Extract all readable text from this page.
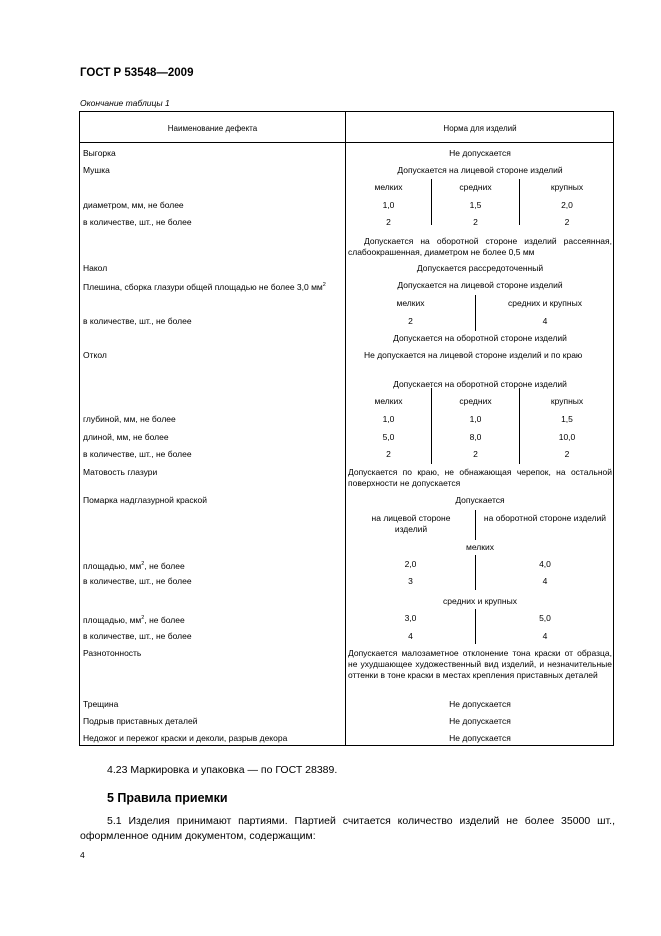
ГОСТ Р 53548—2009
Окончание таблицы 1
Наименование дефекта	Норма для изделий
Выгорка	Не допускается
Мушка	Допускается на лицевой стороне изделий
мелких	средних	крупных
диаметром, мм, не более	1,0	1,5	2,0
в количестве, шт., не более	2	2	2
Допускается на оборотной стороне изделий рассеянная, слабоокрашенная, диаметром не более 0,5 мм
Накол	Допускается рассредоточенный
Плешина, сборка глазури общей площадью не более 3,0 $мм^2$	Допускается на лицевой стороне изделий
мелких	средних и крупных
в количестве, шт., не более	2	4
Допускается на оборотной стороне изделий
Откол	Не допускается на лицевой стороне изделий и по краю
Допускается на оборотной стороне изделий
мелких	средних	крупных
глубиной, мм, не более	1,0	1,0	1,5
длиной, мм, не более	5,0	8,0	10,0
в количестве, шт., не более	2	2	2
Матовость глазури	Допускается по краю, не обнажающая черепок, на остальной поверхности не допускается
Помарка надглазурной краской	Допускается
на лицевой стороне изделий
на оборотной стороне изделий
мелких
площадью, $мм^2$, не более	2,0	4,0
в количестве, шт., не более	3	4
средних и крупных
площадью, $мм^2$, не более	3,0	5,0
в количестве, шт., не более	4	4
Разнотонность	Допускается малозаметное отклонение тона краски от образца, не ухудшающее художественный вид изделий, и незначительные оттенки в тоне краски в местах крепления приставных деталей
Трещина	Не допускается
Подрыв приставных деталей	Не допускается
Недожог и пережог краски и деколи, разрыв декора	Не допускается
4.23 Маркировка и упаковка — по ГОСТ 28389.
5 Правила приемки
5.1 Изделия принимают партиями. Партией считается количество изделий не более 35000 шт., оформленное одним документом, содержащим:
4
